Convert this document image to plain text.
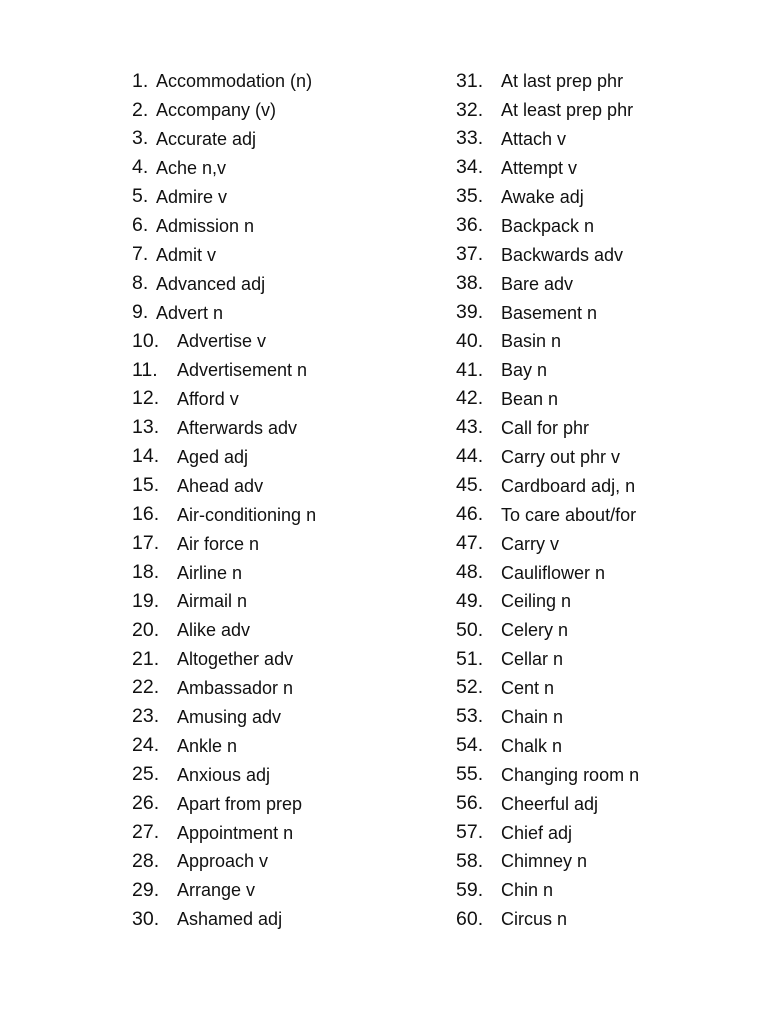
1. Accommodation (n)
2. Accompany (v)
3. Accurate adj
4. Ache n,v
5. Admire v
6. Admission n
7. Admit v
8. Advanced adj
9. Advert n
10. Advertise v
11.	Advertisement n
12. Afford v
13. Afterwards adv
14. Aged adj
15. Ahead adv
16. Air-conditioning n
17. Air force n
18. Airline n
19. Airmail n
20. Alike adv
21. Altogether adv
22. Ambassador n
23. Amusing adv
24. Ankle n
25. Anxious adj
26. Apart from prep
27. Appointment n
28. Approach v
29. Arrange v
30. Ashamed adj
31. At last prep phr
32. At least prep phr
33. Attach v
34. Attempt v
35. Awake adj
36. Backpack n
37. Backwards adv
38. Bare adv
39. Basement n
40. Basin n
41. Bay n
42. Bean n
43. Call for phr
44. Carry out phr v
45. Cardboard adj, n
46. To care about/for
47. Carry v
48. Cauliflower n
49. Ceiling n
50. Celery n
51. Cellar n
52. Cent n
53. Chain n
54. Chalk n
55. Changing room n
56. Cheerful adj
57. Chief adj
58. Chimney n
59. Chin n
60. Circus n
